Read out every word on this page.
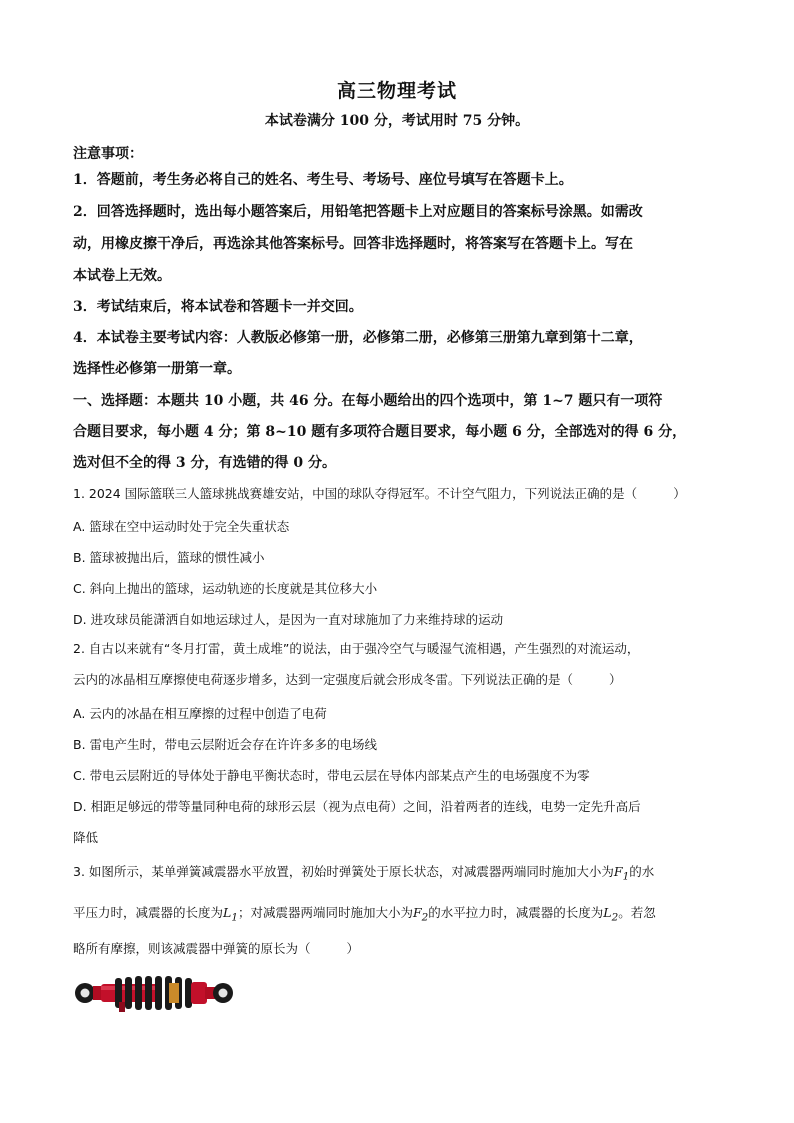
高三物理考试
本试卷满分 100 分，考试用时 75 分钟。
注意事项：
1．答题前，考生务必将自己的姓名、考生号、考场号、座位号填写在答题卡上。
2．回答选择题时，选出每小题答案后，用铅笔把答题卡上对应题目的答案标号涂黑。如需改
动，用橡皮擦干净后，再选涂其他答案标号。回答非选择题时，将答案写在答题卡上。写在
本试卷上无效。
3．考试结束后，将本试卷和答题卡一并交回。
4．本试卷主要考试内容：人教版必修第一册，必修第二册，必修第三册第九章到第十二章，
选择性必修第一册第一章。
一、选择题：本题共 10 小题，共 46 分。在每小题给出的四个选项中，第 1~7 题只有一项符
合题目要求，每小题 4 分；第 8~10 题有多项符合题目要求，每小题 6 分，全部选对的得 6 分，
选对但不全的得 3 分，有选错的得 0 分。
1. 2024 国际篮联三人篮球挑战赛雄安站，中国的球队夺得冠军。不计空气阻力，下列说法正确的是（	）
A. 篮球在空中运动时处于完全失重状态
B. 篮球被抛出后，篮球的惯性减小
C. 斜向上抛出的篮球，运动轨迹的长度就是其位移大小
D. 进攻球员能潇洒自如地运球过人，是因为一直对球施加了力来维持球的运动
2. 自古以来就有“冬月打雷，黄土成堆”的说法，由于强冷空气与暖湿气流相遇，产生强烈的对流运动，
云内的冰晶相互摩擦使电荷逐步增多，达到一定强度后就会形成冬雷。下列说法正确的是（	）
A. 云内的冰晶在相互摩擦的过程中创造了电荷
B. 雷电产生时，带电云层附近会存在许许多多的电场线
C. 带电云层附近的导体处于静电平衡状态时，带电云层在导体内部某点产生的电场强度不为零
D. 相距足够远的带等量同种电荷的球形云层（视为点电荷）之间，沿着两者的连线，电势一定先升高后
降低
3. 如图所示，某单弹簧减震器水平放置，初始时弹簧处于原长状态，对减震器两端同时施加大小为$F_1$的水
平压力时，减震器的长度为$L_1$；对减震器两端同时施加大小为$F_2$的水平拉力时，减震器的长度为$L_2$。若忽
略所有摩擦，则该减震器中弹簧的原长为（	）
